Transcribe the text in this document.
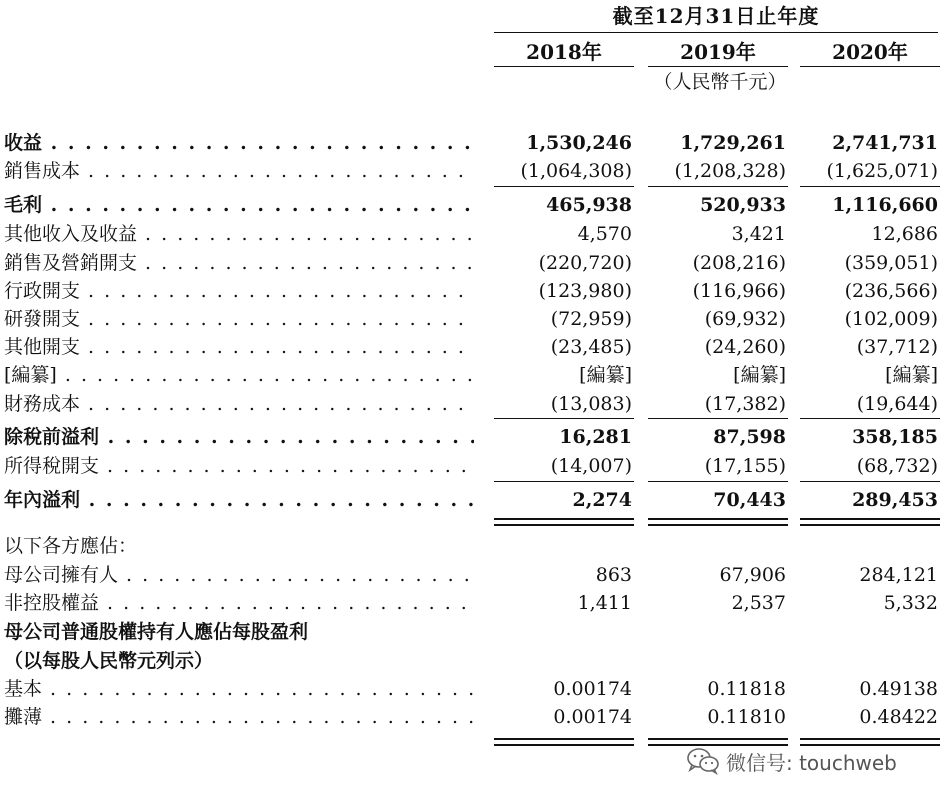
截至12月31日止年度
2018年	2019年	2020年
（人民幣千元）
收益 . . .	1,530,246	1,729,261	2,741,731
銷售成本 . . .	(1,064,308)	(1,208,328)	(1,625,071)
毛利 . . .	465,938	520,933	1,116,660
其他收入及收益 . . .	4,570	3,421	12,686
銷售及營銷開支 . . .	(220,720)	(208,216)	(359,051)
行政開支 . . .	(123,980)	(116,966)	(236,566)
研發開支 . . .	(72,959)	(69,932)	(102,009)
其他開支 . . .	(23,485)	(24,260)	(37,712)
[編纂] . . .	[編纂]	[編纂]	[編纂]
財務成本 . . .	(13,083)	(17,382)	(19,644)
除稅前溢利 . . .	16,281	87,598	358,185
所得稅開支 . . .	(14,007)	(17,155)	(68,732)
年內溢利 . . .	2,274	70,443	289,453
以下各方應佔：
母公司擁有人 . . .	863	67,906	284,121
非控股權益 . . .	1,411	2,537	5,332
母公司普通股權持有人應佔每股盈利
（以每股人民幣元列示）
基本 . . .	0.00174	0.11818	0.49138
攤薄 . . .	0.00174	0.11810	0.48422
微信号: touchweb
